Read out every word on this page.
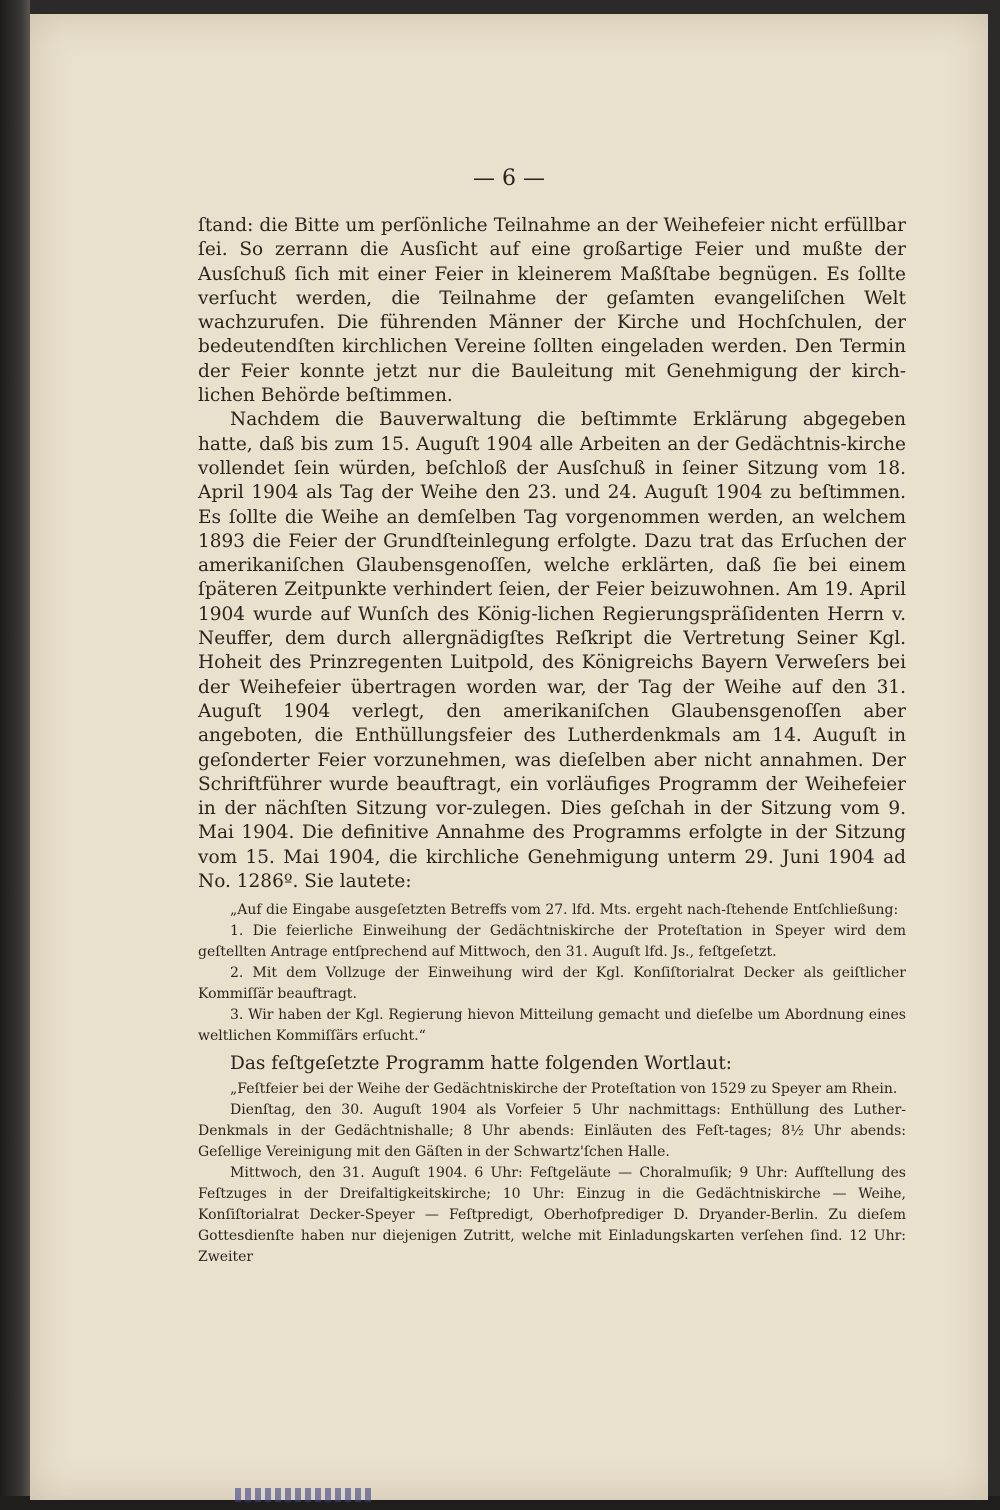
— 6 —

ſtand: die Bitte um perſönliche Teilnahme an der Weihefeier nicht erfüllbar ſei. So zerrann die Ausſicht auf eine großartige Feier und mußte der Ausſchuß ſich mit einer Feier in kleinerem Maßſtabe begnügen. Es ſollte verſucht werden, die Teilnahme der geſamten evangeliſchen Welt wachzurufen. Die führenden Männer der Kirche und Hochſchulen, der bedeutendſten kirchlichen Vereine ſollten eingeladen werden. Den Termin der Feier konnte jetzt nur die Bauleitung mit Genehmigung der kirch-lichen Behörde beſtimmen.

Nachdem die Bauverwaltung die beſtimmte Erklärung abgegeben hatte, daß bis zum 15. Auguſt 1904 alle Arbeiten an der Gedächtnis-kirche vollendet ſein würden, beſchloß der Ausſchuß in ſeiner Sitzung vom 18. April 1904 als Tag der Weihe den 23. und 24. Auguſt 1904 zu beſtimmen. Es ſollte die Weihe an demſelben Tag vorgenommen werden, an welchem 1893 die Feier der Grundſteinlegung erfolgte. Dazu trat das Erſuchen der amerikaniſchen Glaubensgenoſſen, welche erklärten, daß ſie bei einem ſpäteren Zeitpunkte verhindert ſeien, der Feier beizuwohnen. Am 19. April 1904 wurde auf Wunſch des König-lichen Regierungspräſidenten Herrn v. Neuffer, dem durch allergnädigſtes Reſkript die Vertretung Seiner Kgl. Hoheit des Prinzregenten Luitpold, des Königreichs Bayern Verweſers bei der Weihefeier übertragen worden war, der Tag der Weihe auf den 31. Auguſt 1904 verlegt, den amerikaniſchen Glaubensgenoſſen aber angeboten, die Enthüllungsfeier des Lutherdenkmals am 14. Auguſt in geſonderter Feier vorzunehmen, was dieſelben aber nicht annahmen. Der Schriftführer wurde beauftragt, ein vorläufiges Programm der Weihefeier in der nächſten Sitzung vor-zulegen. Dies geſchah in der Sitzung vom 9. Mai 1904. Die definitive Annahme des Programms erfolgte in der Sitzung vom 15. Mai 1904, die kirchliche Genehmigung unterm 29. Juni 1904 ad No. 1286º. Sie lautete:

„Auf die Eingabe ausgeſetzten Betreffs vom 27. lfd. Mts. ergeht nach-ſtehende Entſchließung:

1. Die feierliche Einweihung der Gedächtniskirche der Proteſtation in Speyer wird dem geſtellten Antrage entſprechend auf Mittwoch, den 31. Auguſt lfd. Js., feſtgeſetzt.

2. Mit dem Vollzuge der Einweihung wird der Kgl. Konſiſtorialrat Decker als geiſtlicher Kommiſſär beauftragt.

3. Wir haben der Kgl. Regierung hievon Mitteilung gemacht und dieſelbe um Abordnung eines weltlichen Kommiſſärs erſucht.“

Das feſtgeſetzte Programm hatte folgenden Wortlaut:

„Feſtfeier bei der Weihe der Gedächtniskirche der Proteſtation von 1529 zu Speyer am Rhein.

Dienſtag, den 30. Auguſt 1904 als Vorfeier 5 Uhr nachmittags: Enthüllung des Luther-Denkmals in der Gedächtnishalle; 8 Uhr abends: Einläuten des Feſt-tages; 8½ Uhr abends: Geſellige Vereinigung mit den Gäſten in der Schwartz'ſchen Halle.

Mittwoch, den 31. Auguſt 1904. 6 Uhr: Feſtgeläute — Choralmuſik; 9 Uhr: Aufſtellung des Feſtzuges in der Dreifaltigkeitskirche; 10 Uhr: Einzug in die Gedächtniskirche — Weihe, Konſiſtorialrat Decker-Speyer — Feſtpredigt, Oberhofprediger D. Dryander-Berlin. Zu dieſem Gottesdienſte haben nur diejenigen Zutritt, welche mit Einladungskarten verſehen ſind. 12 Uhr: Zweiter
